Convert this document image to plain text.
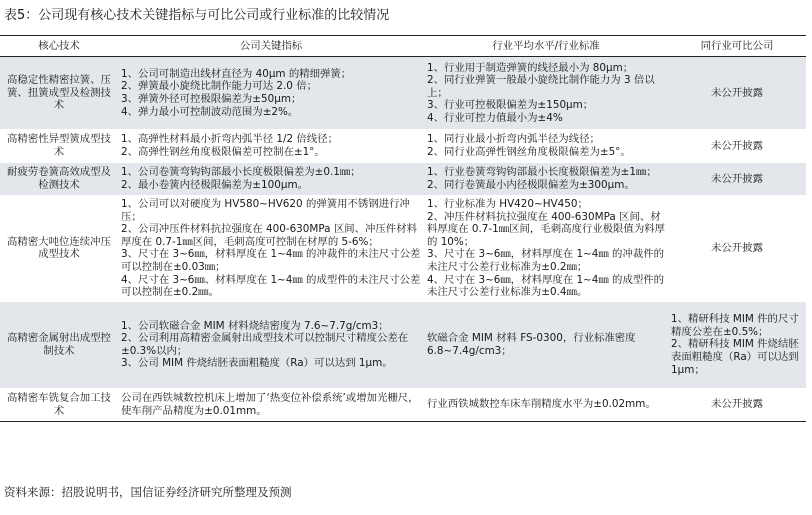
表5：公司现有核心技术关键指标与可比公司或行业标准的比较情况
核心技术	公司关键指标	行业平均水平/行业标准	同行业可比公司
高稳定性精密拉簧、压簧、扭簧成型及检测技术	1、公司可制造出线材直径为 40μm 的精细弹簧；
2、弹簧最小旋绕比制作能力可达 2.0 倍；
3、弹簧外径可控极限偏差为±50μm；
4、弹力最小可控制波动范围为±2%。	1、行业用于制造弹簧的线径最小为 80μm；
2、同行业弹簧一般最小旋绕比制作能力为 3 倍以上；
3、行业可控极限偏差为±150μm；
4、行业可控力值最小为±4%	未公开披露
高精密性异型簧成型技术	1、高弹性材料最小折弯内弧半径 1/2 倍线径；
2、高弹性钢丝角度极限偏差可控制在±1°。	1、同行业最小折弯内弧半径为线径；
2、同行业高弹性钢丝角度极限偏差为±5°。	未公开披露
耐疲劳卷簧高效成型及检测技术	1、公司卷簧弯钩钩部最小长度极限偏差为±0.1㎜；
2、最小卷簧内径极限偏差为±100μm。	1、行业卷簧弯钩钩部最小长度极限偏差为±1㎜；
2、同行卷簧最小内径极限偏差为±300μm。	未公开披露
高精密大吨位连续冲压成型技术	1、公司可以对硬度为 HV580~HV620 的弹簧用不锈钢进行冲压；
2、公司冲压件材料抗拉强度在 400-630MPa 区间、冲压件材料厚度在 0.7-1㎜区间，毛刺高度可控制在材厚的 5-6%；
3、尺寸在 3~6㎜，材料厚度在 1~4㎜ 的冲裁件的未注尺寸公差可以控制在±0.03㎜；
4、尺寸在 3~6㎜、材料厚度在 1~4㎜ 的成型件的未注尺寸公差可以控制在±0.2㎜。	1、行业标准为 HV420~HV450；
2、冲压件材料抗拉强度在 400-630MPa 区间、材料厚度在 0.7-1㎜区间，毛刺高度行业极限值为料厚的 10%；
3、尺寸在 3~6㎜，材料厚度在 1~4㎜ 的冲裁件的未注尺寸公差行业标准为±0.2㎜；
4、尺寸在 3~6㎜，材料厚度在 1~4㎜ 的成型件的未注尺寸公差行业标准为±0.4㎜。	未公开披露
高精密金属射出成型控制技术	1、公司软磁合金 MIM 材料烧结密度为 7.6~7.7g/cm3；
2、公司利用高精密金属射出成型技术可以控制尺寸精度公差在±0.3%以内；
3、公司 MIM 件烧结胚表面粗糙度（Ra）可以达到 1μm。	软磁合金 MIM 材料 FS-0300，行业标准密度 6.8~7.4g/cm3；	1、精研科技 MIM 件的尺寸精度公差在±0.5%；
2、精研科技 MIM 件烧结胚表面粗糙度（Ra）可以达到 1μm；

高精密车铣复合加工技术	公司在西铁城数控机床上增加了‘热变位补偿系统’或增加光栅尺，使车削产品精度为±0.01mm。	行业西铁城数控车床车削精度水平为±0.02mm。	未公开披露
资料来源：招股说明书，国信证券经济研究所整理及预测
